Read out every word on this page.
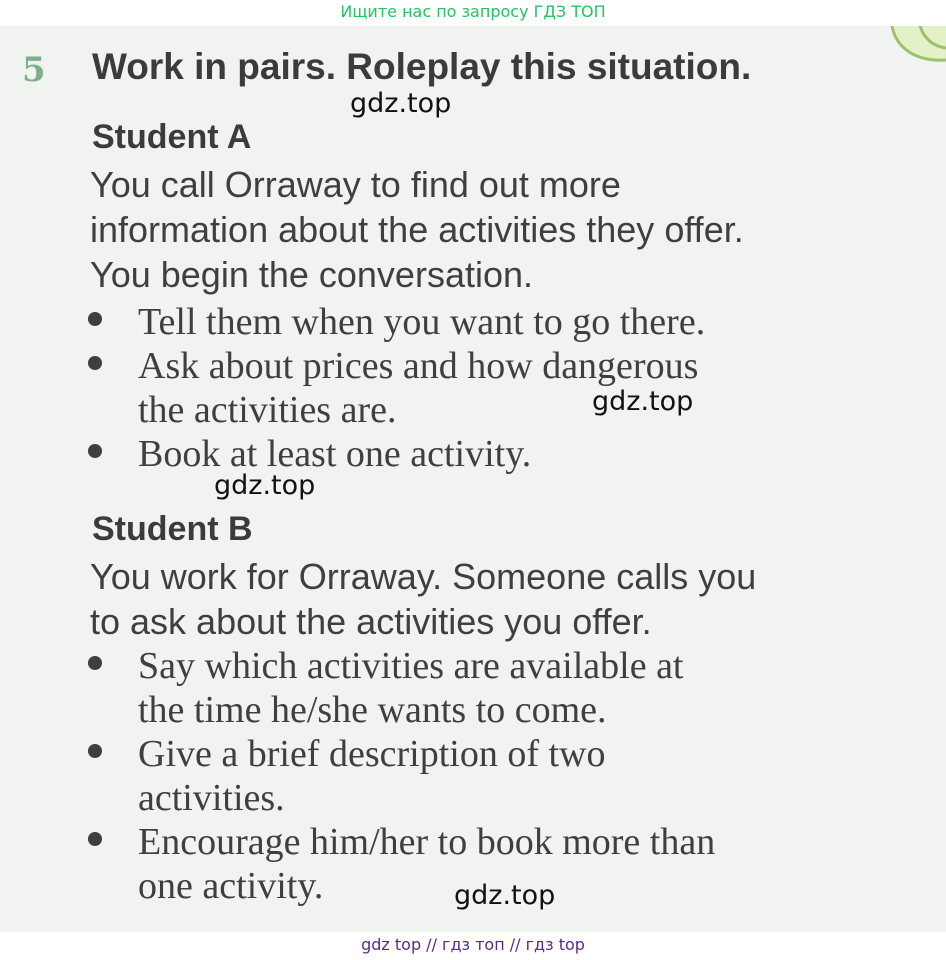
Ищите нас по запросу ГДЗ ТОП
5 Work in pairs. Roleplay this situation.
Student A
You call Orraway to find out more
information about the activities they offer.
You begin the conversation.
Tell them when you want to go there.
Ask about prices and how dangerous
the activities are.
Book at least one activity.
Student B
You work for Orraway. Someone calls you
to ask about the activities you offer.
Say which activities are available at
the time he/she wants to come.
Give a brief description of two
activities.
Encourage him/her to book more than
one activity.
gdz.top
gdz.top
gdz.top
gdz.top
gdz top // гдз топ // гдз top
